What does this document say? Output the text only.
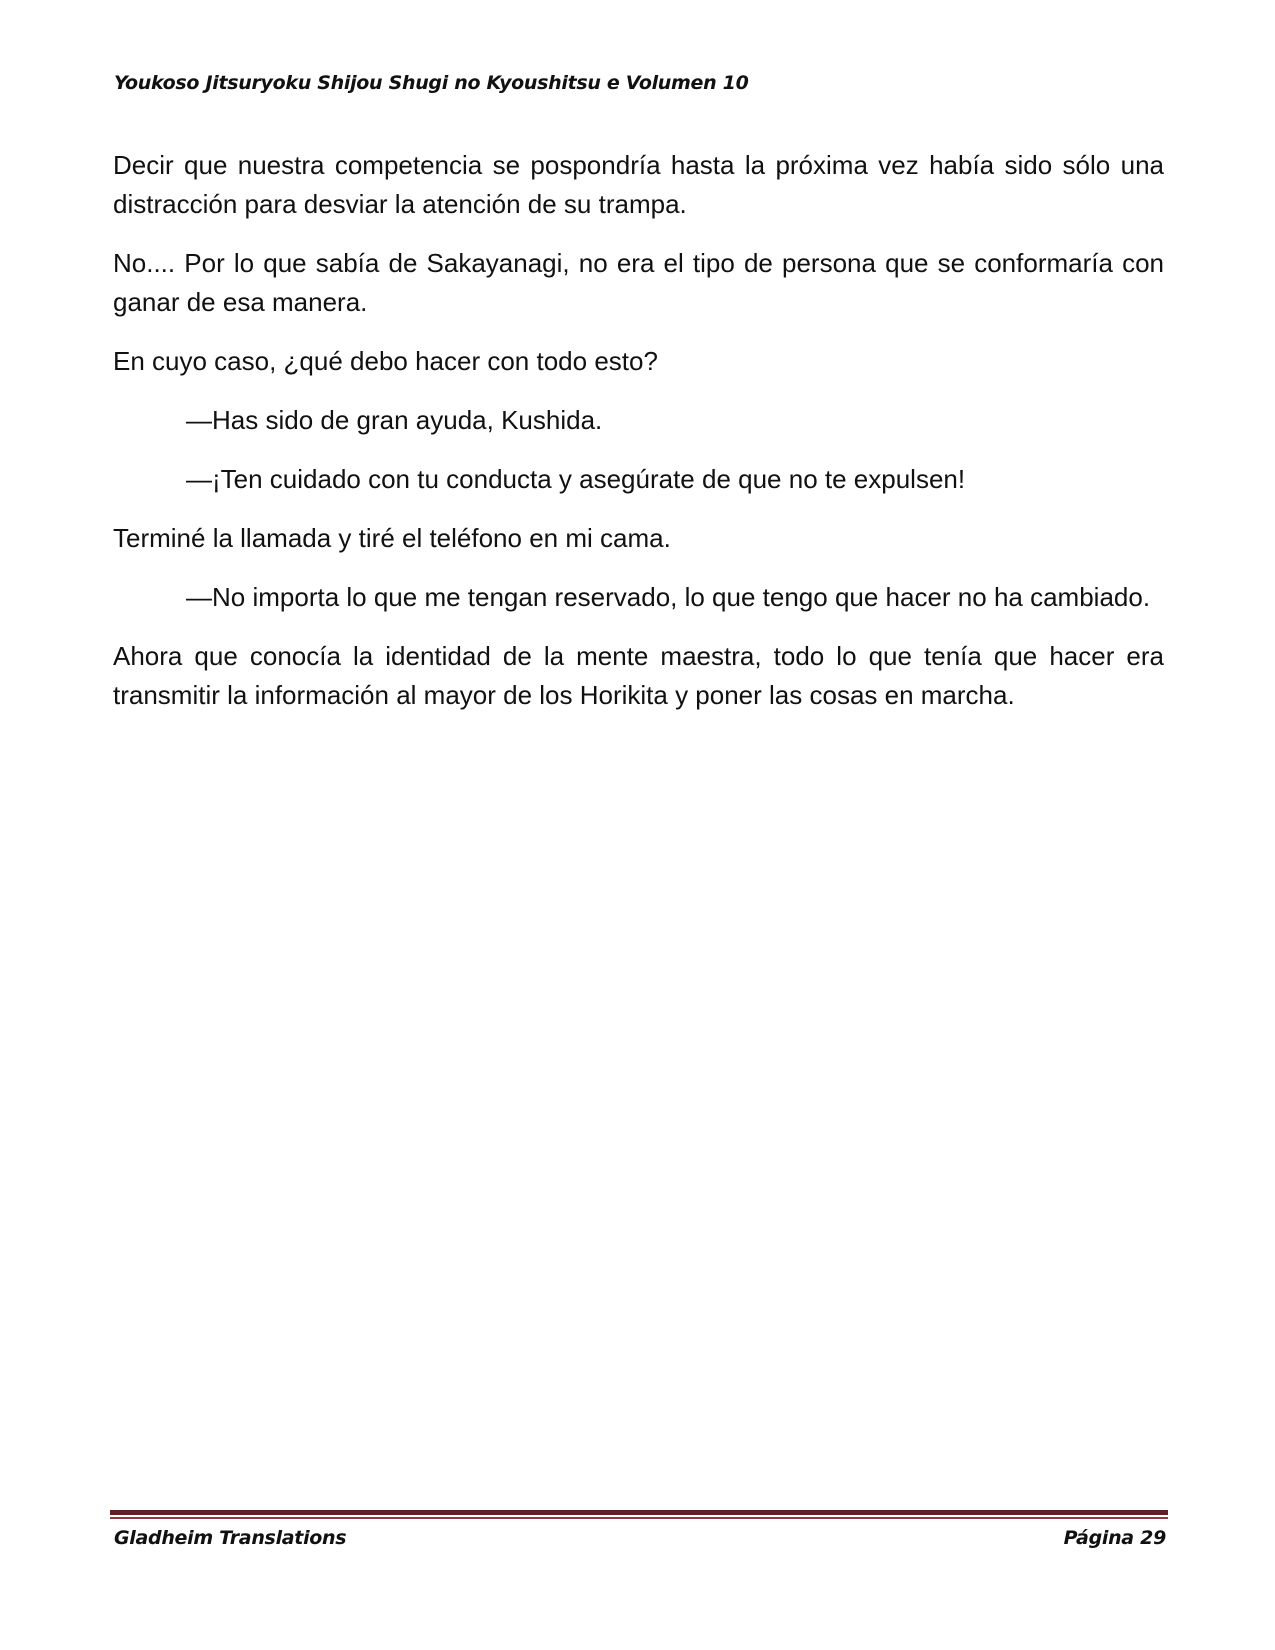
Youkoso Jitsuryoku Shijou Shugi no Kyoushitsu e Volumen 10

Decir que nuestra competencia se pospondría hasta la próxima vez había sido sólo una distracción para desviar la atención de su trampa.

No.... Por lo que sabía de Sakayanagi, no era el tipo de persona que se conformaría con ganar de esa manera.

En cuyo caso, ¿qué debo hacer con todo esto?

—Has sido de gran ayuda, Kushida.

—¡Ten cuidado con tu conducta y asegúrate de que no te expulsen!

Terminé la llamada y tiré el teléfono en mi cama.

—No importa lo que me tengan reservado, lo que tengo que hacer no ha cambiado.

Ahora que conocía la identidad de la mente maestra, todo lo que tenía que hacer era transmitir la información al mayor de los Horikita y poner las cosas en marcha.

Gladheim Translations	Página 29
